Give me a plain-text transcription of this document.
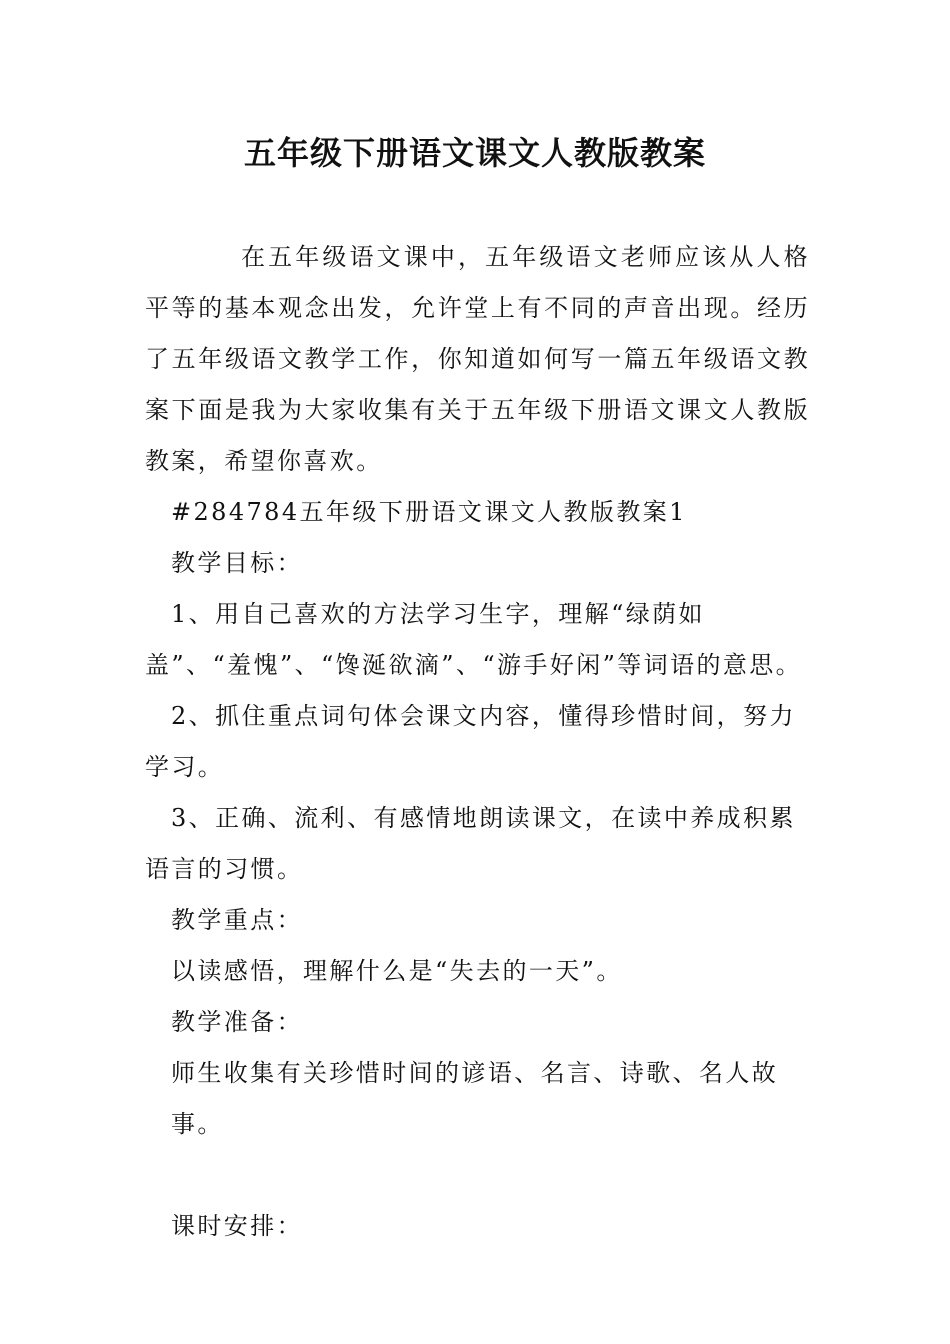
五年级下册语文课文人教版教案

在五年级语文课中，五年级语文老师应该从人格平等的基本观念出发，允许堂上有不同的声音出现。经历了五年级语文教学工作，你知道如何写一篇五年级语文教案下面是我为大家收集有关于五年级下册语文课文人教版教案，希望你喜欢。

#284784五年级下册语文课文人教版教案1

教学目标：

1、用自己喜欢的方法学习生字，理解“绿荫如盖”、“羞愧”、“馋涎欲滴”、“游手好闲”等词语的意思。

2、抓住重点词句体会课文内容，懂得珍惜时间，努力学习。

3、正确、流利、有感情地朗读课文，在读中养成积累语言的习惯。

教学重点：

以读感悟，理解什么是“失去的一天”。

教学准备：

师生收集有关珍惜时间的谚语、名言、诗歌、名人故事。

课时安排：
